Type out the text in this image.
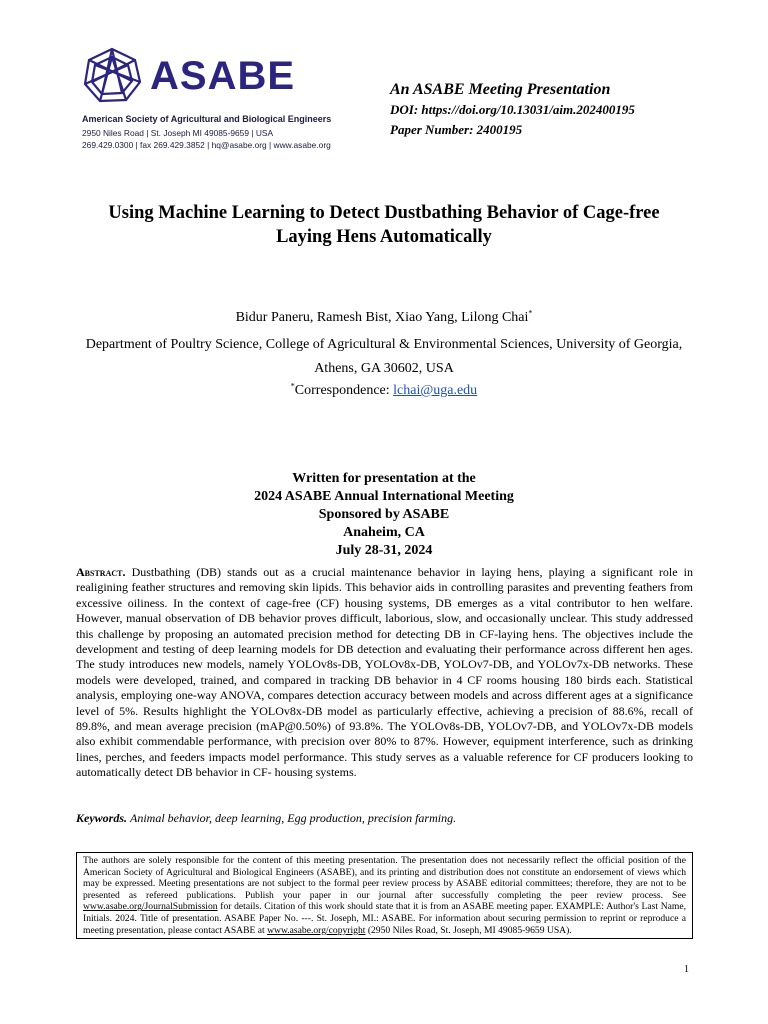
ASABE
American Society of Agricultural and Biological Engineers
2950 Niles Road | St. Joseph MI 49085-9659 | USA
269.429.0300 | fax 269.429.3852 | hq@asabe.org | www.asabe.org
An ASABE Meeting Presentation
DOI: https://doi.org/10.13031/aim.202400195
Paper Number: 2400195
Using Machine Learning to Detect Dustbathing Behavior of Cage-free
Laying Hens Automatically
Bidur Paneru, Ramesh Bist, Xiao Yang, Lilong Chai*
Department of Poultry Science, College of Agricultural & Environmental Sciences, University of Georgia,
Athens, GA 30602, USA
*Correspondence: lchai@uga.edu
Written for presentation at the
2024 ASABE Annual International Meeting
Sponsored by ASABE
Anaheim, CA
July 28-31, 2024
Abstract. Dustbathing (DB) stands out as a crucial maintenance behavior in laying hens, playing a significant role in realigining feather structures and removing skin lipids. This behavior aids in controlling parasites and preventing feathers from excessive oiliness. In the context of cage-free (CF) housing systems, DB emerges as a vital contributor to hen welfare. However, manual observation of DB behavior proves difficult, laborious, slow, and occasionally unclear. This study addressed this challenge by proposing an automated precision method for detecting DB in CF-laying hens. The objectives include the development and testing of deep learning models for DB detection and evaluating their performance across different hen ages. The study introduces new models, namely YOLOv8s-DB, YOLOv8x-DB, YOLOv7-DB, and YOLOv7x-DB networks. These models were developed, trained, and compared in tracking DB behavior in 4 CF rooms housing 180 birds each. Statistical analysis, employing one-way ANOVA, compares detection accuracy between models and across different ages at a significance level of 5%. Results highlight the YOLOv8x-DB model as particularly effective, achieving a precision of 88.6%, recall of 89.8%, and mean average precision (mAP@0.50%) of 93.8%. The YOLOv8s-DB, YOLOv7-DB, and YOLOv7x-DB models also exhibit commendable performance, with precision over 80% to 87%. However, equipment interference, such as drinking lines, perches, and feeders impacts model performance. This study serves as a valuable reference for CF producers looking to automatically detect DB behavior in CF- housing systems.
Keywords. Animal behavior, deep learning, Egg production, precision farming.
The authors are solely responsible for the content of this meeting presentation. The presentation does not necessarily reflect the official position of the American Society of Agricultural and Biological Engineers (ASABE), and its printing and distribution does not constitute an endorsement of views which may be expressed. Meeting presentations are not subject to the formal peer review process by ASABE editorial committees; therefore, they are not to be presented as refereed publications. Publish your paper in our journal after successfully completing the peer review process. See www.asabe.org/JournalSubmission for details. Citation of this work should state that it is from an ASABE meeting paper. EXAMPLE: Author's Last Name, Initials. 2024. Title of presentation. ASABE Paper No. ---. St. Joseph, MI.: ASABE. For information about securing permission to reprint or reproduce a meeting presentation, please contact ASABE at www.asabe.org/copyright (2950 Niles Road, St. Joseph, MI 49085-9659 USA).
1
